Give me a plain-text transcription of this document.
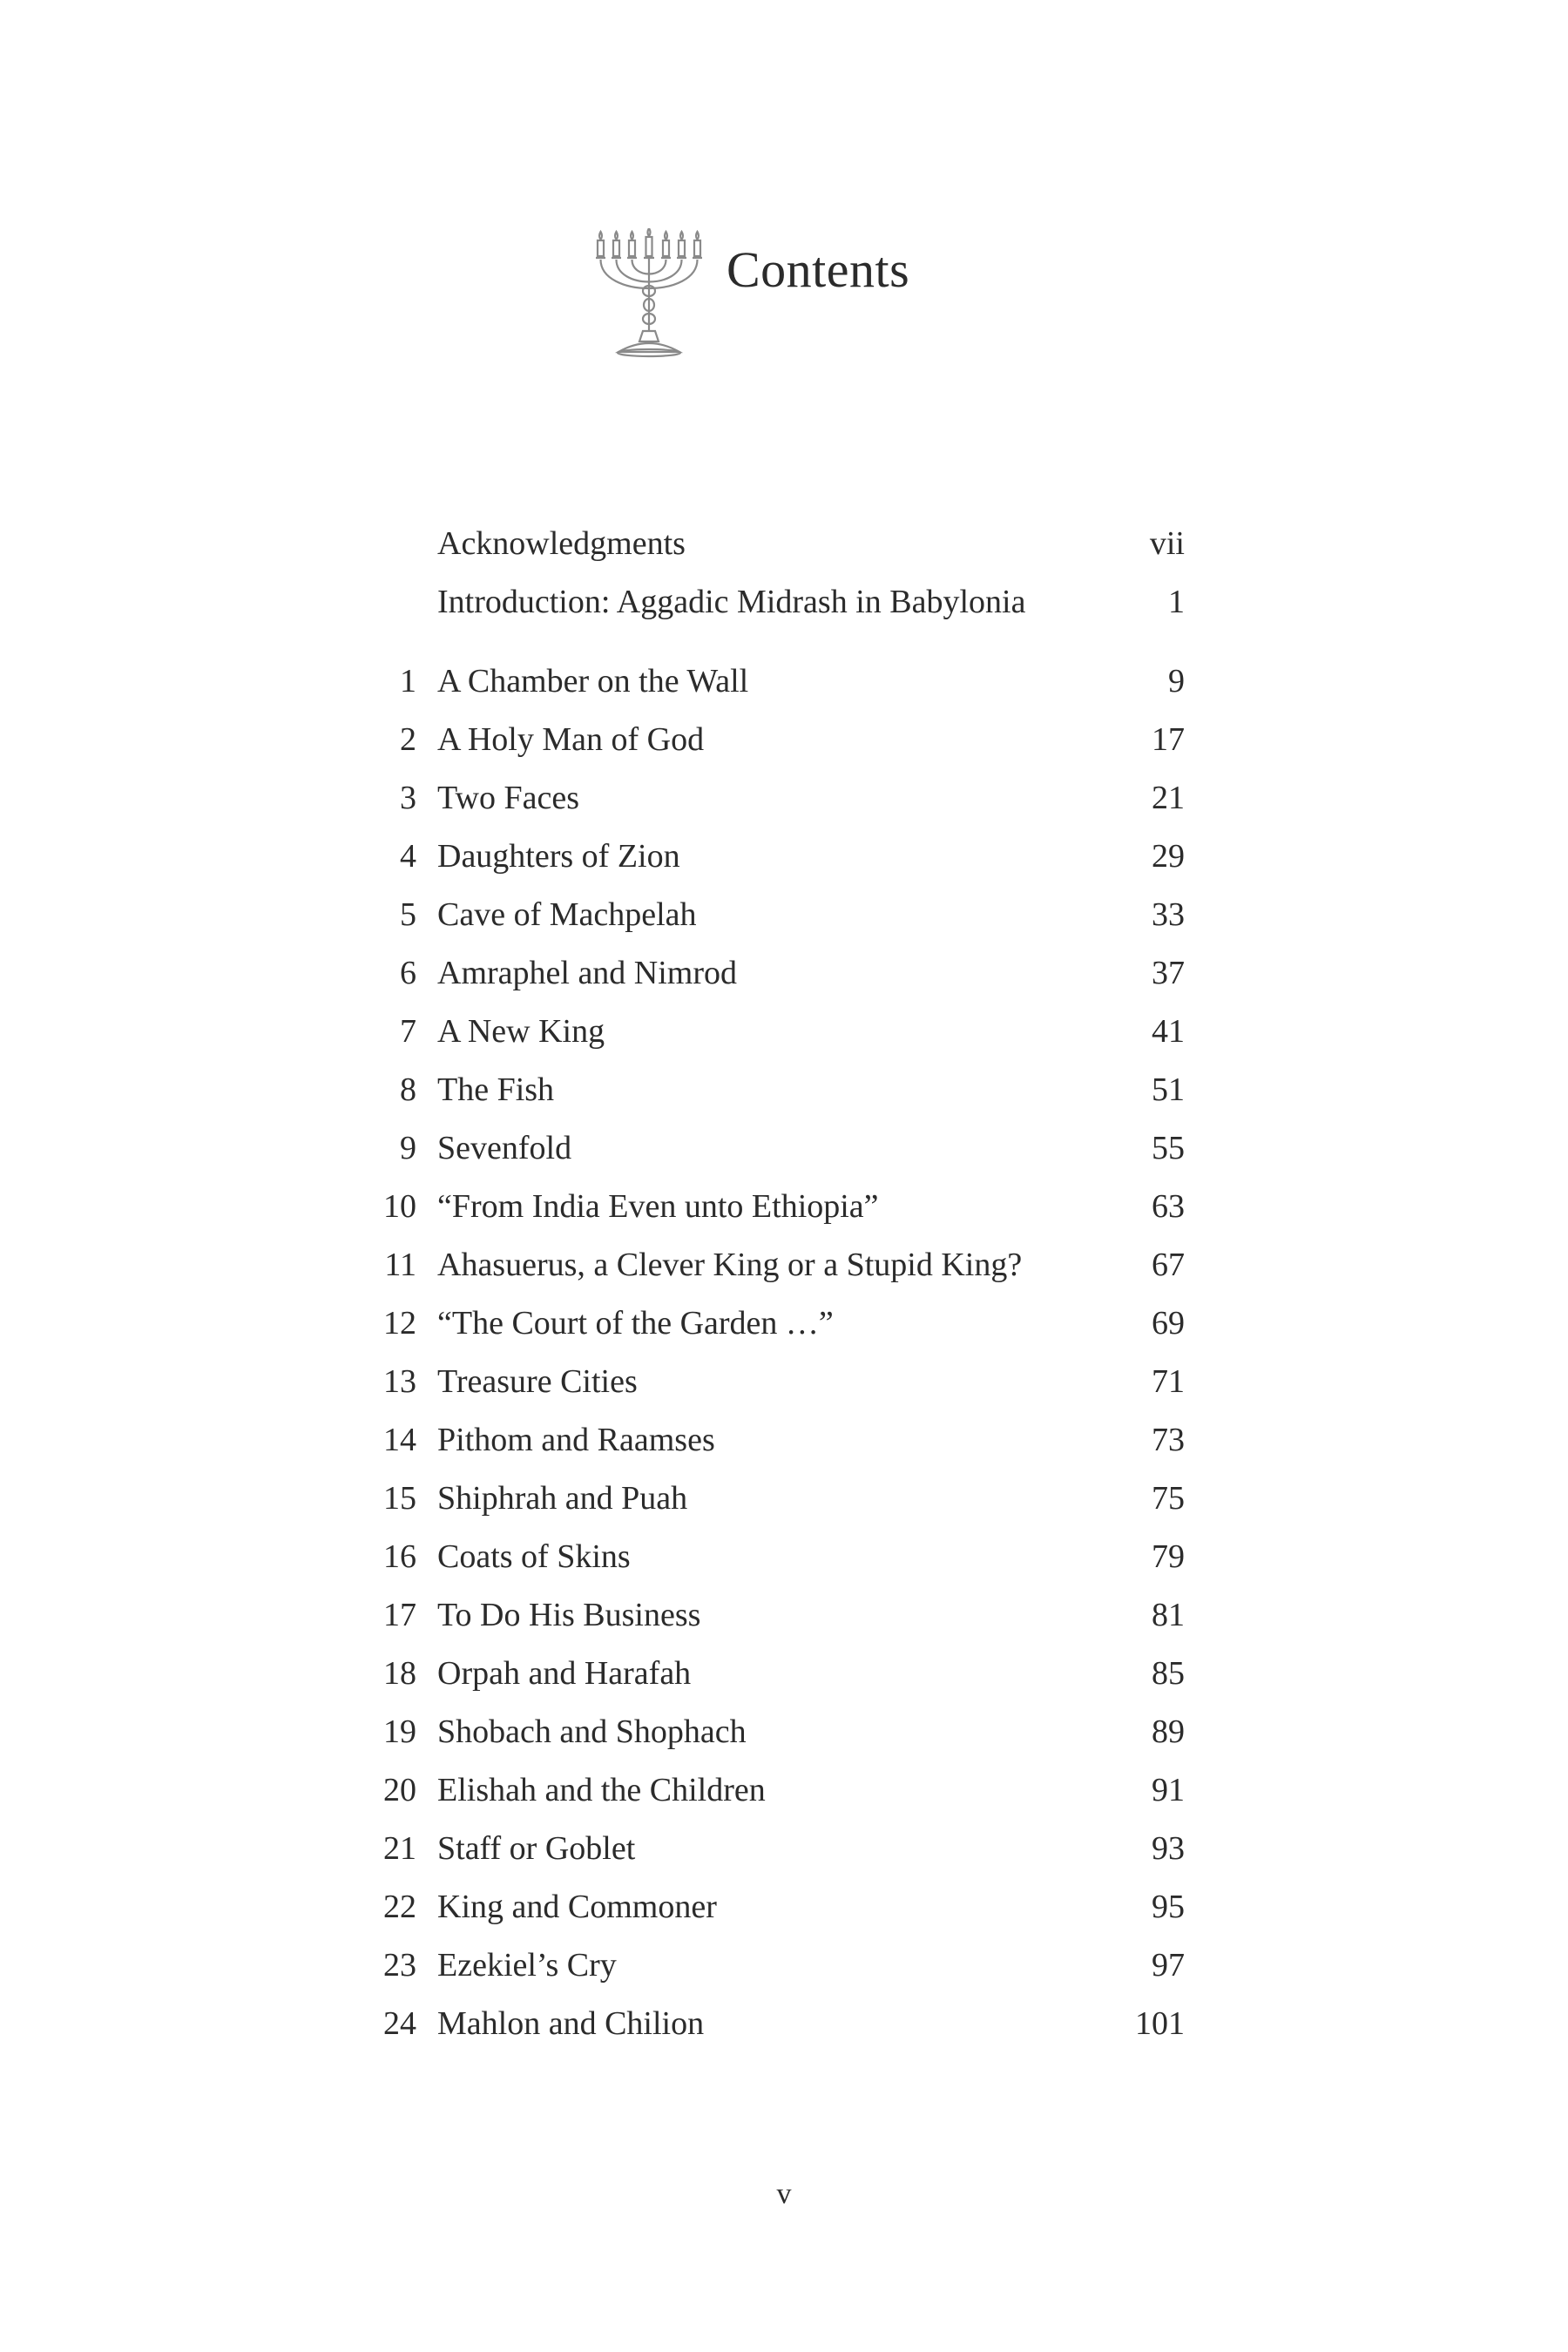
Contents
Acknowledgments	vii
Introduction: Aggadic Midrash in Babylonia	1
1 A Chamber on the Wall	9
2 A Holy Man of God	17
3 Two Faces	21
4 Daughters of Zion	29
5 Cave of Machpelah	33
6 Amraphel and Nimrod	37
7 A New King	41
8 The Fish	51
9 Sevenfold	55
10 “From India Even unto Ethiopia”	63
11 Ahasuerus, a Clever King or a Stupid King?	67
12 “The Court of the Garden …”	69
13 Treasure Cities	71
14 Pithom and Raamses	73
15 Shiphrah and Puah	75
16 Coats of Skins	79
17 To Do His Business	81
18 Orpah and Harafah	85
19 Shobach and Shophach	89
20 Elishah and the Children	91
21 Staff or Goblet	93
22 King and Commoner	95
23 Ezekiel’s Cry	97
24 Mahlon and Chilion	101
v
